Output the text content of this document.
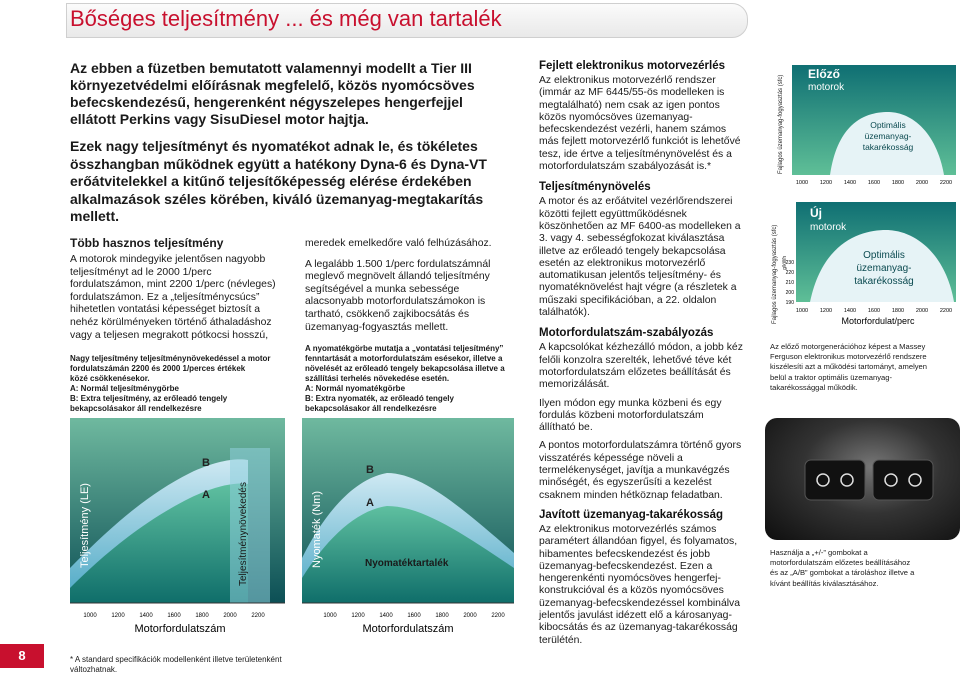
Bőséges teljesítmény ... és még van tartalék
Az ebben a füzetben bemutatott valamennyi modellt a Tier III
környezetvédelmi előírásnak megfelelő, közös nyomócsöves
befecskendezésű, hengerenként négyszelepes hengerfejjel
ellátott Perkins vagy SisuDiesel motor hajtja.
Ezek nagy teljesítményt és nyomatékot adnak le, és tökéletes
összhangban működnek együtt a hatékony Dyna-6 és Dyna-VT
erőátvitelekkel a kitűnő teljesítőképesség elérése érdekében
alkalmazások széles körében, kiváló üzemanyag-megtakarítás
mellett.
Több hasznos teljesítmény
A motorok mindegyike jelentősen nagyobb
teljesítményt ad le 2000 1/perc
fordulatszámon, mint 2200 1/perc (névleges)
fordulatszámon. Ez a „teljesítménycsúcs”
hihetetlen vontatási képességet biztosít a
nehéz körülményeken történő áthaladáshoz
vagy a teljesen megrakott pótkocsi hosszú,
Nagy teljesítmény teljesítménynövekedéssel a motor
fordulatszámán 2200 és 2000 1/perces értékek
közé csökkenésekor.
A: Normál teljesítménygörbe
B: Extra teljesítmény, az erőleadó tengely
bekapcsolásakor áll rendelkezésre
meredek emelkedőre való felhúzásához.
A legalább 1.500 1/perc fordulatszámnál
meglevő megnövelt állandó teljesítmény
segítségével a munka sebessége
alacsonyabb motorfordulatszámokon is
tartható, csökkenő zajkibocsátás és
üzemanyag-fogyasztás mellett.
A nyomatékgörbe mutatja a „vontatási teljesítmény”
fenntartását a motorfordulatszám esésekor, illetve a
növelését az erőleadó tengely bekapcsolása illetve a
szállítási terhelés növekedése esetén.
A: Normál nyomatékgörbe
B: Extra nyomaték, az erőleadó tengely
bekapcsolásakor áll rendelkezésre
Teljesítmény (LE)
B
A	Teljesítménynövekedés
1000 1200 1400 1600 1800 2000 2200
Motorfordulatszám
Nyomaték (Nm)
B
A
Nyomatéktartalék
1000 1200 1400 1600 1800 2000 2200
Motorfordulatszám
8	* A standard specifikációk modellenként illetve területenként
változhatnak.
Fejlett elektronikus motorvezérlés
Az elektronikus motorvezérlő rendszer
(immár az MF 6445/55-ös modelleken is
megtalálható) nem csak az igen pontos
közös nyomócsöves üzemanyag-
befecskendezést vezérli, hanem számos
más fejlett motorvezérlő funkciót is lehetővé
tesz, ide értve a teljesítménynövelést és a
motorfordulatszám szabályozását is.*
Teljesítménynövelés
A motor és az erőátvitel vezérlőrendszerei
közötti fejlett együttműködésnek
köszönhetően az MF 6400-as modelleken a
3. vagy 4. sebességfokozat kiválasztása
illetve az erőleadó tengely bekapcsolása
esetén az elektronikus motorvezérlő
automatikusan jelentős teljesítmény- és
nyomatéknövelést hajt végre (a részletek a
műszaki specifikációban, a 22. oldalon
találhatók).
Motorfordulatszám-szabályozás
A kapcsolókat kézhezálló módon, a jobb kéz
felőli konzolra szerelték, lehetővé téve két
motorfordulatszám előzetes beállítását és
memorizálását.
Ilyen módon egy munka közbeni és egy
fordulás közbeni motorfordulatszám
állítható be.
A pontos motorfordulatszámra történő gyors
visszatérés képessége növeli a
termelékenységet, javítja a munkavégzés
minőségét, és egyszerűsíti a kezelést
csaknem minden hétköznap feladatban.
Javított üzemanyag-takarékosság
Az elektronikus motorvezérlés számos
paramétert állandóan figyel, és folyamatos,
hibamentes befecskendezést és jobb
üzemanyag-befecskendezést. Ezen a
hengerenkénti nyomócsöves hengerfej-
konstrukcióval és a közös nyomócsöves
üzemanyag-befecskendezéssel kombinálva
jelentős javulást idézett elő a károsanyag-
kibocsátás és az üzemanyag-takarékosság
terülétén.
Fajlagos üzemanyag-fogyasztás (sfc)
Előző
motorok
Optimális
üzemanyag-
takarékosság
1000 1200 1400 1600 1800 2000 2200
Fajlagos üzemanyag-fogyasztás (sfc) g/kWh
Új
motorok
Optimális
üzemanyag-
takarékosság
230
220
210
200
190
1000 1200 1400 1600 1800 2000 2200
Motorfordulat/perc
Az előző motorgenerációhoz képest a Massey
Ferguson elektronikus motorvezérlő rendszere
kiszélesíti azt a működési tartományt, amelyen
belül a traktor optimális üzemanyag-
takarékossággal működik.
Használja a „+/-” gombokat a
motorfordulatszám előzetes beállításához
és az „A/B” gombokat a tároláshoz illetve a
kívánt beállítás kiválasztásához.
